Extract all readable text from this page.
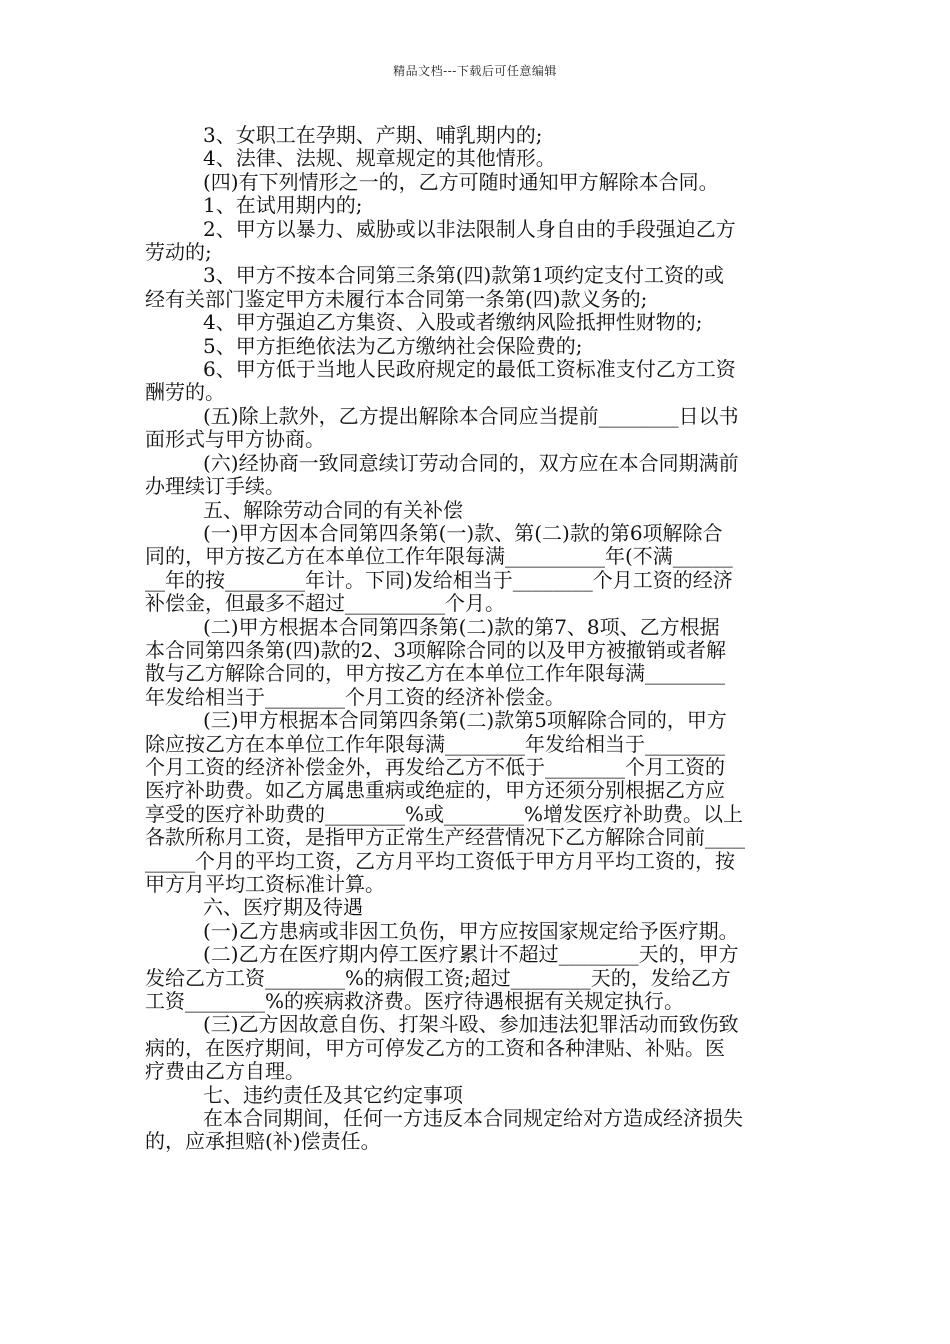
精品文档---下载后可任意编辑

3、女职工在孕期、产期、哺乳期内的;

4、法律、法规、规章规定的其他情形。

(四)有下列情形之一的，乙方可随时通知甲方解除本合同。

1、在试用期内的;

2、甲方以暴力、威胁或以非法限制人身自由的手段强迫乙方

劳动的;

3、甲方不按本合同第三条第(四)款第1项约定支付工资的或

经有关部门鉴定甲方未履行本合同第一条第(四)款义务的;

4、甲方强迫乙方集资、入股或者缴纳风险抵押性财物的;

5、甲方拒绝依法为乙方缴纳社会保险费的;

6、甲方低于当地人民政府规定的最低工资标准支付乙方工资

酬劳的。

(五)除上款外，乙方提出解除本合同应当提前________日以书

面形式与甲方协商。

(六)经协商一致同意续订劳动合同的，双方应在本合同期满前

办理续订手续。

五、解除劳动合同的有关补偿

(一)甲方因本合同第四条第(一)款、第(二)款的第6项解除合

同的，甲方按乙方在本单位工作年限每满__________年(不满______

__年的按________年计。下同)发给相当于________个月工资的经济

补偿金，但最多不超过__________个月。

(二)甲方根据本合同第四条第(二)款的第7、8项、乙方根据

本合同第四条第(四)款的2、3项解除合同的以及甲方被撤销或者解

散与乙方解除合同的，甲方按乙方在本单位工作年限每满________

年发给相当于________个月工资的经济补偿金。

(三)甲方根据本合同第四条第(二)款第5项解除合同的，甲方

除应按乙方在本单位工作年限每满________年发给相当于________

个月工资的经济补偿金外，再发给乙方不低于________个月工资的

医疗补助费。如乙方属患重病或绝症的，甲方还须分别根据乙方应

享受的医疗补助费的________%或________%增发医疗补助费。以上

各款所称月工资，是指甲方正常生产经营情况下乙方解除合同前____

_____个月的平均工资，乙方月平均工资低于甲方月平均工资的，按

甲方月平均工资标准计算。

六、医疗期及待遇

(一)乙方患病或非因工负伤，甲方应按国家规定给予医疗期。

(二)乙方在医疗期内停工医疗累计不超过________天的，甲方

发给乙方工资________%的病假工资;超过________天的，发给乙方

工资________%的疾病救济费。医疗待遇根据有关规定执行。

(三)乙方因故意自伤、打架斗殴、参加违法犯罪活动而致伤致

病的，在医疗期间，甲方可停发乙方的工资和各种津贴、补贴。医

疗费由乙方自理。

七、违约责任及其它约定事项

在本合同期间，任何一方违反本合同规定给对方造成经济损失

的，应承担赔(补)偿责任。
